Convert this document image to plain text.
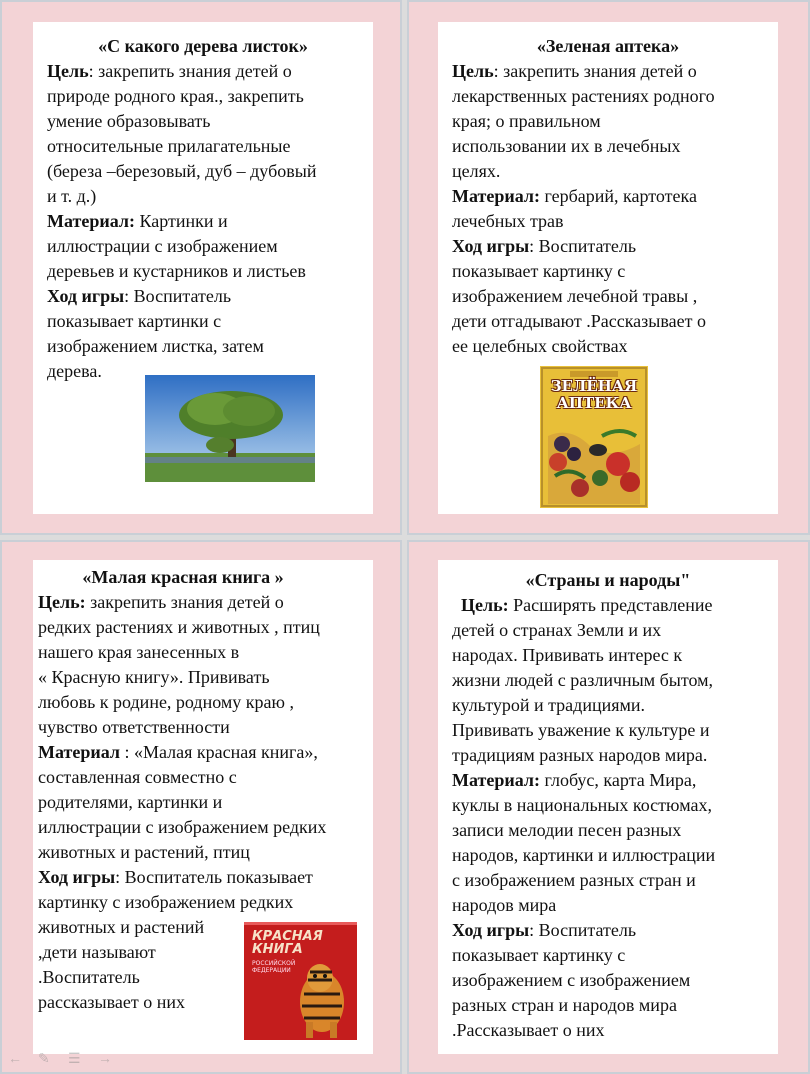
«С какого дерева листок»
Цель: закрепить знания детей о
природе родного края., закрепить
умение образовывать
относительные прилагательные
(береза –березовый, дуб – дубовый
и т. д.)
Материал: Картинки и
иллюстрации с изображением
деревьев и кустарников и листьев
Ход игры: Воспитатель
показывает картинки с
изображением листка, затем
дерева.
«Зеленая аптека»
Цель: закрепить знания детей о
лекарственных растениях родного
края; о правильном
использовании их в лечебных
целях.
Материал: гербарий, картотека
лечебных трав
Ход игры: Воспитатель
показывает картинку с
изображением лечебной травы ,
дети отгадывают .Рассказывает о
ее целебных свойствах
ЗЕЛЁНАЯ
АПТЕКА
«Малая красная книга »
Цель: закрепить знания детей о
редких растениях и животных , птиц
нашего края занесенных в
« Красную книгу». Прививать
любовь к родине, родному краю ,
чувство ответственности
Материал : «Малая красная книга»,
составленная совместно с
родителями, картинки и
иллюстрации с изображением редких
животных и растений, птиц
Ход игры: Воспитатель показывает
картинку с изображением редких
животных и растений
,дети называют
.Воспитатель
рассказывает о них
КРАСНАЯ
КНИГА
РОССИЙСКОЙ ФЕДЕРАЦИИ
«Страны и народы"
Цель: Расширять представление
детей о странах Земли и их
народах. Прививать интерес к
жизни людей с различным бытом,
культурой и традициями.
Прививать уважение к культуре и
традициям разных народов мира.
Материал: глобус, карта Мира,
куклы в национальных костюмах,
записи мелодии песен разных
народов, картинки и иллюстрации
с изображением разных стран и
народов мира
Ход игры: Воспитатель
показывает картинку с
изображением с изображением
разных стран и народов мира
.Рассказывает о них
← ✎ ☰ →
